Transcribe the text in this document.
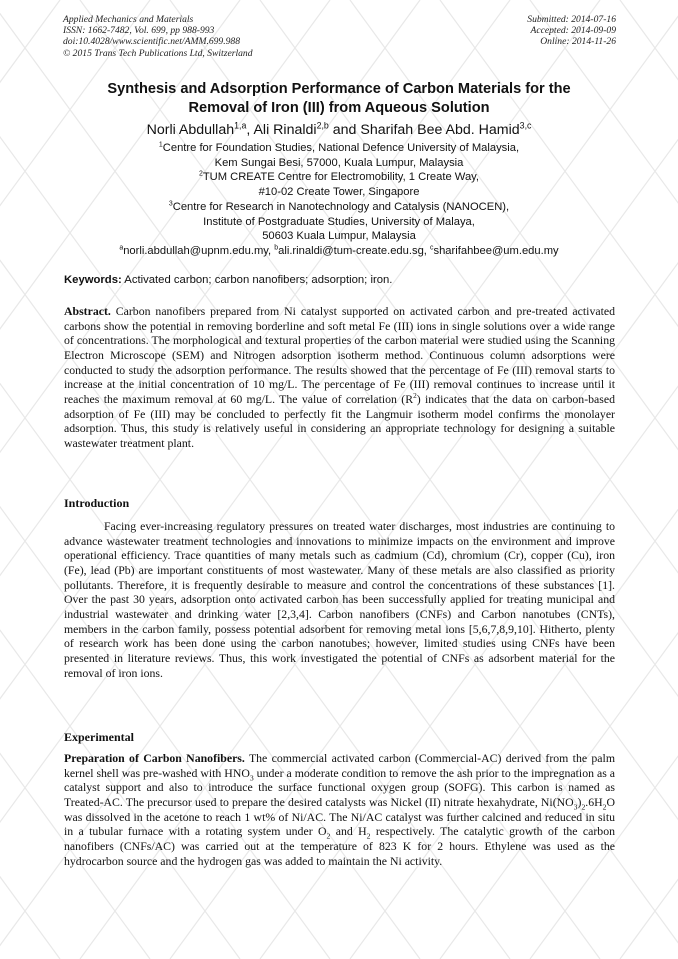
Applied Mechanics and Materials
ISSN: 1662-7482, Vol. 699, pp 988-993
doi:10.4028/www.scientific.net/AMM.699.988
© 2015 Trans Tech Publications Ltd, Switzerland
Submitted: 2014-07-16
Accepted: 2014-09-09
Online: 2014-11-26
Synthesis and Adsorption Performance of Carbon Materials for the
Removal of Iron (III) from Aqueous Solution
Norli Abdullah$^{1,a}$, Ali Rinaldi$^{2,b}$ and Sharifah Bee Abd. Hamid$^{3,c}$
$^1$Centre for Foundation Studies, National Defence University of Malaysia,
Kem Sungai Besi, 57000, Kuala Lumpur, Malaysia
$^2$TUM CREATE Centre for Electromobility, 1 Create Way,
#10-02 Create Tower, Singapore
$^3$Centre for Research in Nanotechnology and Catalysis (NANOCEN),
Institute of Postgraduate Studies, University of Malaya,
50603 Kuala Lumpur, Malaysia
$^a$norli.abdullah@upnm.edu.my, $^b$ali.rinaldi@tum-create.edu.sg, $^c$sharifahbee@um.edu.my
Keywords: Activated carbon; carbon nanofibers; adsorption; iron.
Abstract. Carbon nanofibers prepared from Ni catalyst supported on activated carbon and pre-treated activated carbons show the potential in removing borderline and soft metal Fe (III) ions in single solutions over a wide range of concentrations. The morphological and textural properties of the carbon material were studied using the Scanning Electron Microscope (SEM) and Nitrogen adsorption isotherm method. Continuous column adsorptions were conducted to study the adsorption performance. The results showed that the percentage of Fe (III) removal starts to increase at the initial concentration of 10 mg/L. The percentage of Fe (III) removal continues to increase until it reaches the maximum removal at 60 mg/L. The value of correlation $(R^2)$ indicates that the data on carbon-based adsorption of Fe (III) may be concluded to perfectly fit the Langmuir isotherm model confirms the monolayer adsorption. Thus, this study is relatively useful in considering an appropriate technology for designing a suitable wastewater treatment plant.
Introduction
Facing ever-increasing regulatory pressures on treated water discharges, most industries are continuing to advance wastewater treatment technologies and innovations to minimize impacts on the environment and improve operational efficiency. Trace quantities of many metals such as cadmium (Cd), chromium (Cr), copper (Cu), iron (Fe), lead (Pb) are important constituents of most wastewater. Many of these metals are also classified as priority pollutants. Therefore, it is frequently desirable to measure and control the concentrations of these substances [1]. Over the past 30 years, adsorption onto activated carbon has been successfully applied for treating municipal and industrial wastewater and drinking water [2,3,4]. Carbon nanofibers (CNFs) and Carbon nanotubes (CNTs), members in the carbon family, possess potential adsorbent for removing metal ions [5,6,7,8,9,10]. Hitherto, plenty of research work has been done using the carbon nanotubes; however, limited studies using CNFs have been presented in literature reviews. Thus, this work investigated the potential of CNFs as adsorbent material for the removal of iron ions.
Experimental
Preparation of Carbon Nanofibers. The commercial activated carbon (Commercial-AC) derived from the palm kernel shell was pre-washed with $HNO_3$ under a moderate condition to remove the ash prior to the impregnation as a catalyst support and also to introduce the surface functional oxygen group (SOFG). This carbon is named as Treated-AC. The precursor used to prepare the desired catalysts was Nickel (II) nitrate hexahydrate, $Ni(NO_3)_2.6H_2O$ was dissolved in the acetone to reach 1 wt% of Ni/AC. The Ni/AC catalyst was further calcined and reduced in situ in a tubular furnace with a rotating system under $O_2$ and $H_2$ respectively. The catalytic growth of the carbon nanofibers (CNFs/AC) was carried out at the temperature of 823 K for 2 hours. Ethylene was used as the hydrocarbon source and the hydrogen gas was added to maintain the Ni activity.
